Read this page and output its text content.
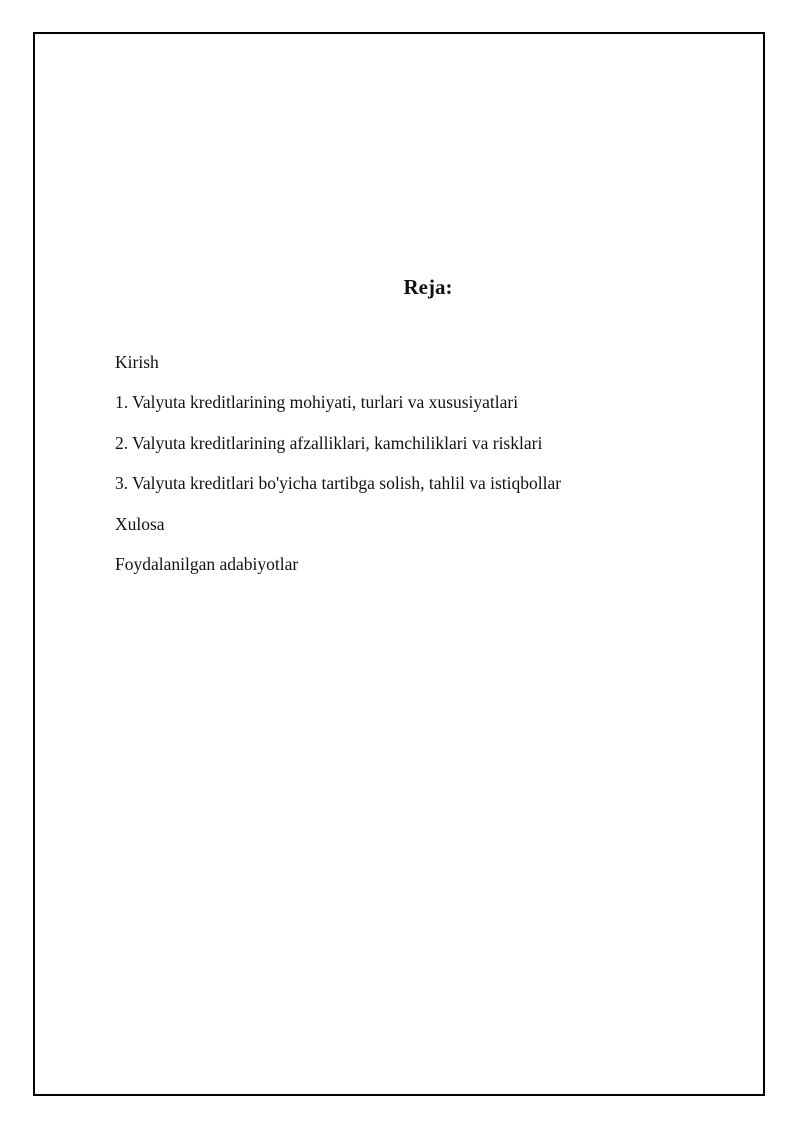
Reja:
Kirish
1. Valyuta kreditlarining mohiyati, turlari va xususiyatlari
2. Valyuta kreditlarining afzalliklari, kamchiliklari va risklari
3. Valyuta kreditlari bo'yicha tartibga solish, tahlil va istiqbollar
Xulosa
Foydalanilgan adabiyotlar
